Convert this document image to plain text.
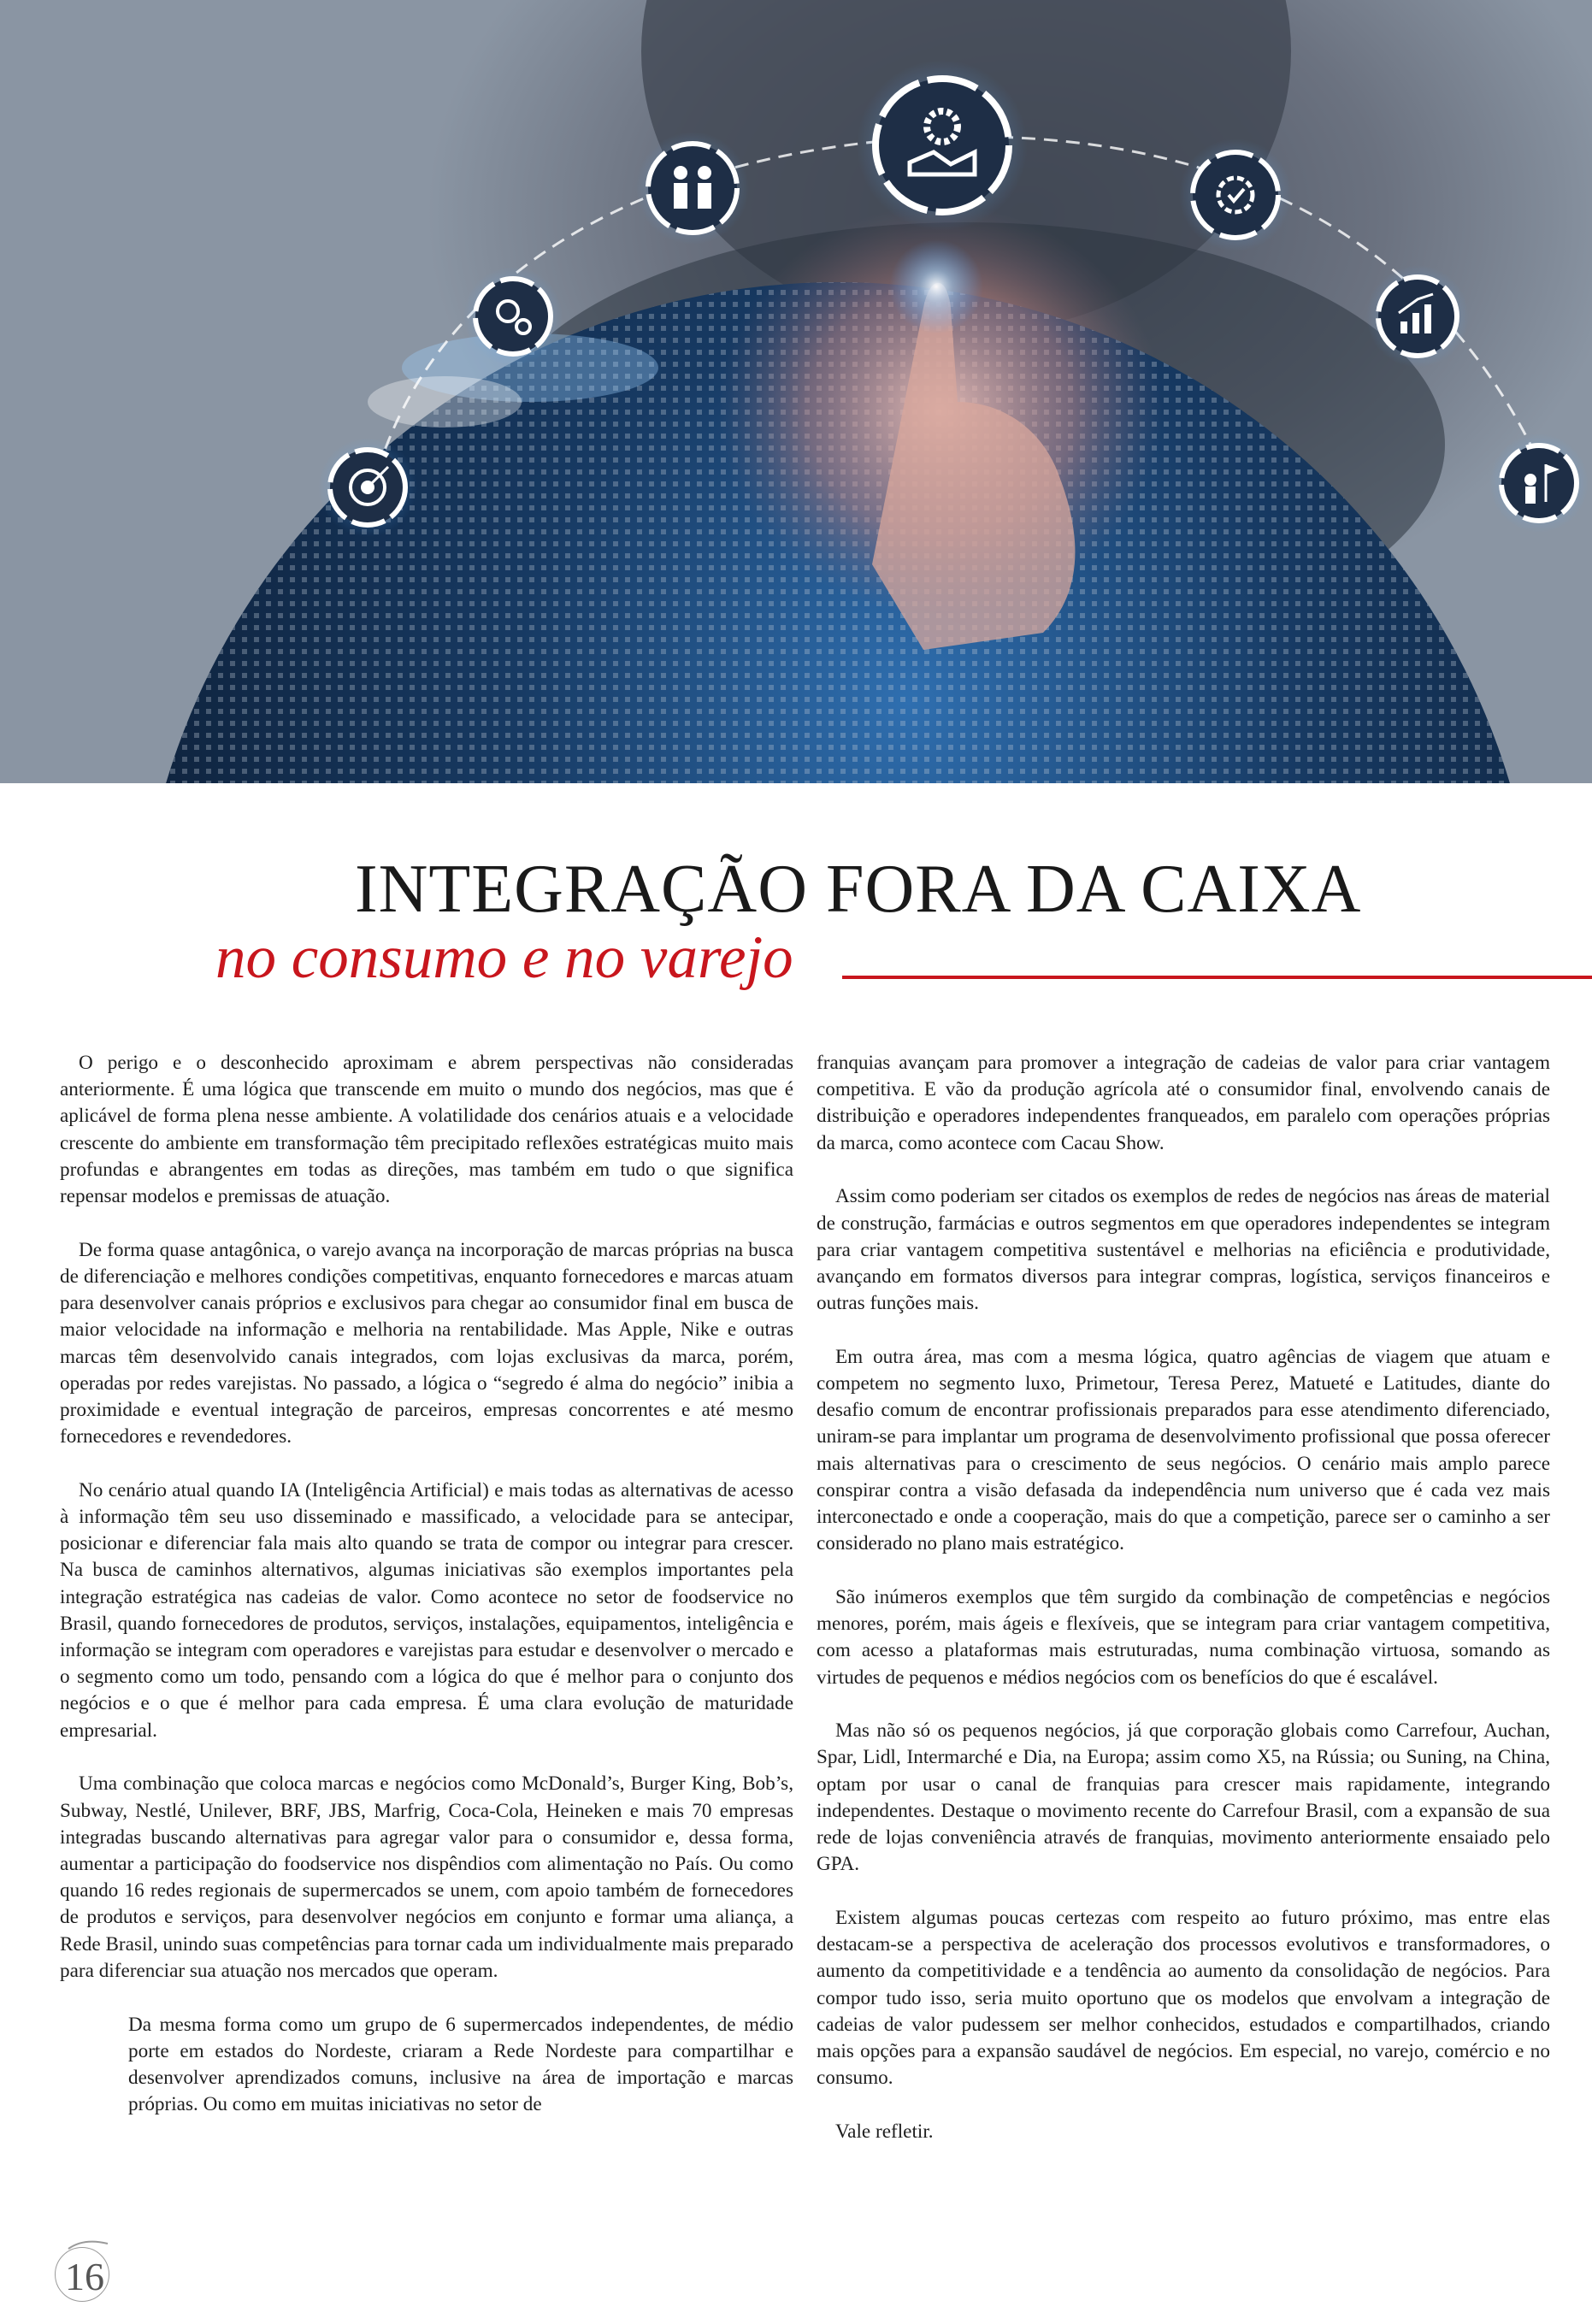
INTEGRAÇÃO FORA DA CAIXA
no consumo e no varejo

O perigo e o desconhecido aproximam e abrem perspectivas não consideradas anteriormente. É uma lógica que transcende em muito o mundo dos negócios, mas que é aplicável de forma plena nesse ambiente. A volatilidade dos cenários atuais e a velocidade crescente do ambiente em transformação têm precipitado reflexões estratégicas muito mais profundas e abrangentes em todas as direções, mas também em tudo o que significa repensar modelos e premissas de atuação.

De forma quase antagônica, o varejo avança na incorporação de marcas próprias na busca de diferenciação e melhores condições competitivas, enquanto fornecedores e marcas atuam para desenvolver canais próprios e exclusivos para chegar ao consumidor final em busca de maior velocidade na informação e melhoria na rentabilidade. Mas Apple, Nike e outras marcas têm desenvolvido canais integrados, com lojas exclusivas da marca, porém, operadas por redes varejistas. No passado, a lógica o “segredo é alma do negócio” inibia a proximidade e eventual integração de parceiros, empresas concorrentes e até mesmo fornecedores e revendedores.

No cenário atual quando IA (Inteligência Artificial) e mais todas as alternativas de acesso à informação têm seu uso disseminado e massificado, a velocidade para se antecipar, posicionar e diferenciar fala mais alto quando se trata de compor ou integrar para crescer. Na busca de caminhos alternativos, algumas iniciativas são exemplos importantes pela integração estratégica nas cadeias de valor. Como acontece no setor de foodservice no Brasil, quando fornecedores de produtos, serviços, instalações, equipamentos, inteligência e informação se integram com operadores e varejistas para estudar e desenvolver o mercado e o segmento como um todo, pensando com a lógica do que é melhor para o conjunto dos negócios e o que é melhor para cada empresa. É uma clara evolução de maturidade empresarial.

Uma combinação que coloca marcas e negócios como McDonald’s, Burger King, Bob’s, Subway, Nestlé, Unilever, BRF, JBS, Marfrig, Coca-Cola, Heineken e mais 70 empresas integradas buscando alternativas para agregar valor para o consumidor e, dessa forma, aumentar a participação do foodservice nos dispêndios com alimentação no País. Ou como quando 16 redes regionais de supermercados se unem, com apoio também de fornecedores de produtos e serviços, para desenvolver negócios em conjunto e formar uma aliança, a Rede Brasil, unindo suas competências para tornar cada um individualmente mais preparado para diferenciar sua atuação nos mercados que operam.

Da mesma forma como um grupo de 6 supermercados independentes, de médio porte em estados do Nordeste, criaram a Rede Nordeste para compartilhar e desenvolver aprendizados comuns, inclusive na área de importação e marcas próprias. Ou como em muitas iniciativas no setor de

franquias avançam para promover a integração de cadeias de valor para criar vantagem competitiva. E vão da produção agrícola até o consumidor final, envolvendo canais de distribuição e operadores independentes franqueados, em paralelo com operações próprias da marca, como acontece com Cacau Show.

Assim como poderiam ser citados os exemplos de redes de negócios nas áreas de material de construção, farmácias e outros segmentos em que operadores independentes se integram para criar vantagem competitiva sustentável e melhorias na eficiência e produtividade, avançando em formatos diversos para integrar compras, logística, serviços financeiros e outras funções mais.

Em outra área, mas com a mesma lógica, quatro agências de viagem que atuam e competem no segmento luxo, Primetour, Teresa Perez, Matueté e Latitudes, diante do desafio comum de encontrar profissionais preparados para esse atendimento diferenciado, uniram-se para implantar um programa de desenvolvimento profissional que possa oferecer mais alternativas para o crescimento de seus negócios. O cenário mais amplo parece conspirar contra a visão defasada da independência num universo que é cada vez mais interconectado e onde a cooperação, mais do que a competição, parece ser o caminho a ser considerado no plano mais estratégico.

São inúmeros exemplos que têm surgido da combinação de competências e negócios menores, porém, mais ágeis e flexíveis, que se integram para criar vantagem competitiva, com acesso a plataformas mais estruturadas, numa combinação virtuosa, somando as virtudes de pequenos e médios negócios com os benefícios do que é escalável.

Mas não só os pequenos negócios, já que corporação globais como Carrefour, Auchan, Spar, Lidl, Intermarché e Dia, na Europa; assim como X5, na Rússia; ou Suning, na China, optam por usar o canal de franquias para crescer mais rapidamente, integrando independentes. Destaque o movimento recente do Carrefour Brasil, com a expansão de sua rede de lojas conveniência através de franquias, movimento anteriormente ensaiado pelo GPA.

Existem algumas poucas certezas com respeito ao futuro próximo, mas entre elas destacam-se a perspectiva de aceleração dos processos evolutivos e transformadores, o aumento da competitividade e a tendência ao aumento da consolidação de negócios. Para compor tudo isso, seria muito oportuno que os modelos que envolvam a integração de cadeias de valor pudessem ser melhor conhecidos, estudados e compartilhados, criando mais opções para a expansão saudável de negócios. Em especial, no varejo, comércio e no consumo.

Vale refletir.

16
